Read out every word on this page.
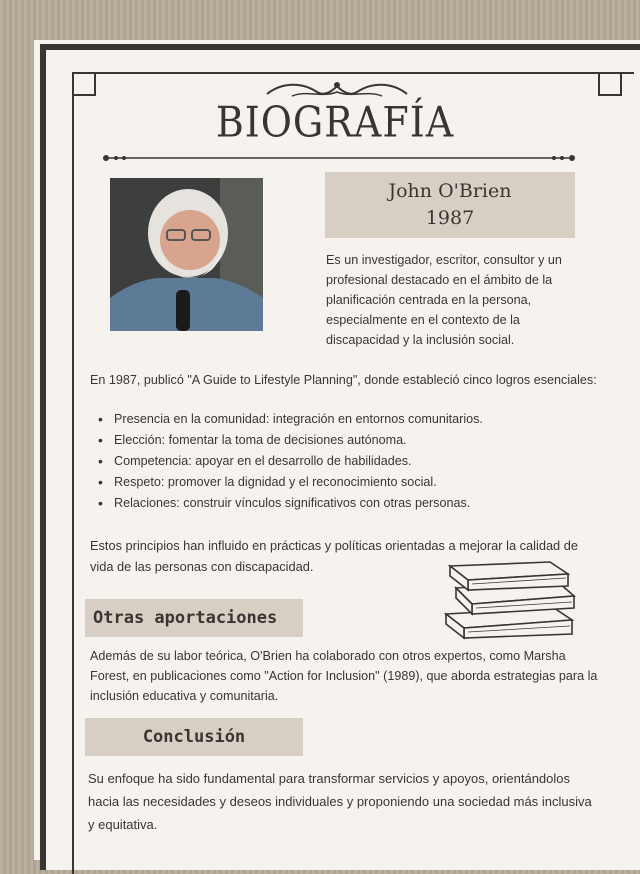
BIOGRAFÍA
John O'Brien
1987
Es un investigador, escritor, consultor y un profesional destacado en el ámbito de la planificación centrada en la persona, especialmente en el contexto de la discapacidad y la inclusión social.
En 1987, publicó "A Guide to Lifestyle Planning", donde estableció cinco logros esenciales:
• Presencia en la comunidad: integración en entornos comunitarios.
• Elección: fomentar la toma de decisiones autónoma.
• Competencia: apoyar en el desarrollo de habilidades.
• Respeto: promover la dignidad y el reconocimiento social.
• Relaciones: construir vínculos significativos con otras personas.
Estos principios han influido en prácticas y políticas orientadas a mejorar la calidad de vida de las personas con discapacidad.
Otras aportaciones
Además de su labor teórica, O'Brien ha colaborado con otros expertos, como Marsha Forest, en publicaciones como "Action for Inclusion" (1989), que aborda estrategias para la inclusión educativa y comunitaria.
Conclusión
Su enfoque ha sido fundamental para transformar servicios y apoyos, orientándolos hacia las necesidades y deseos individuales y proponiendo una sociedad más inclusiva y equitativa.
